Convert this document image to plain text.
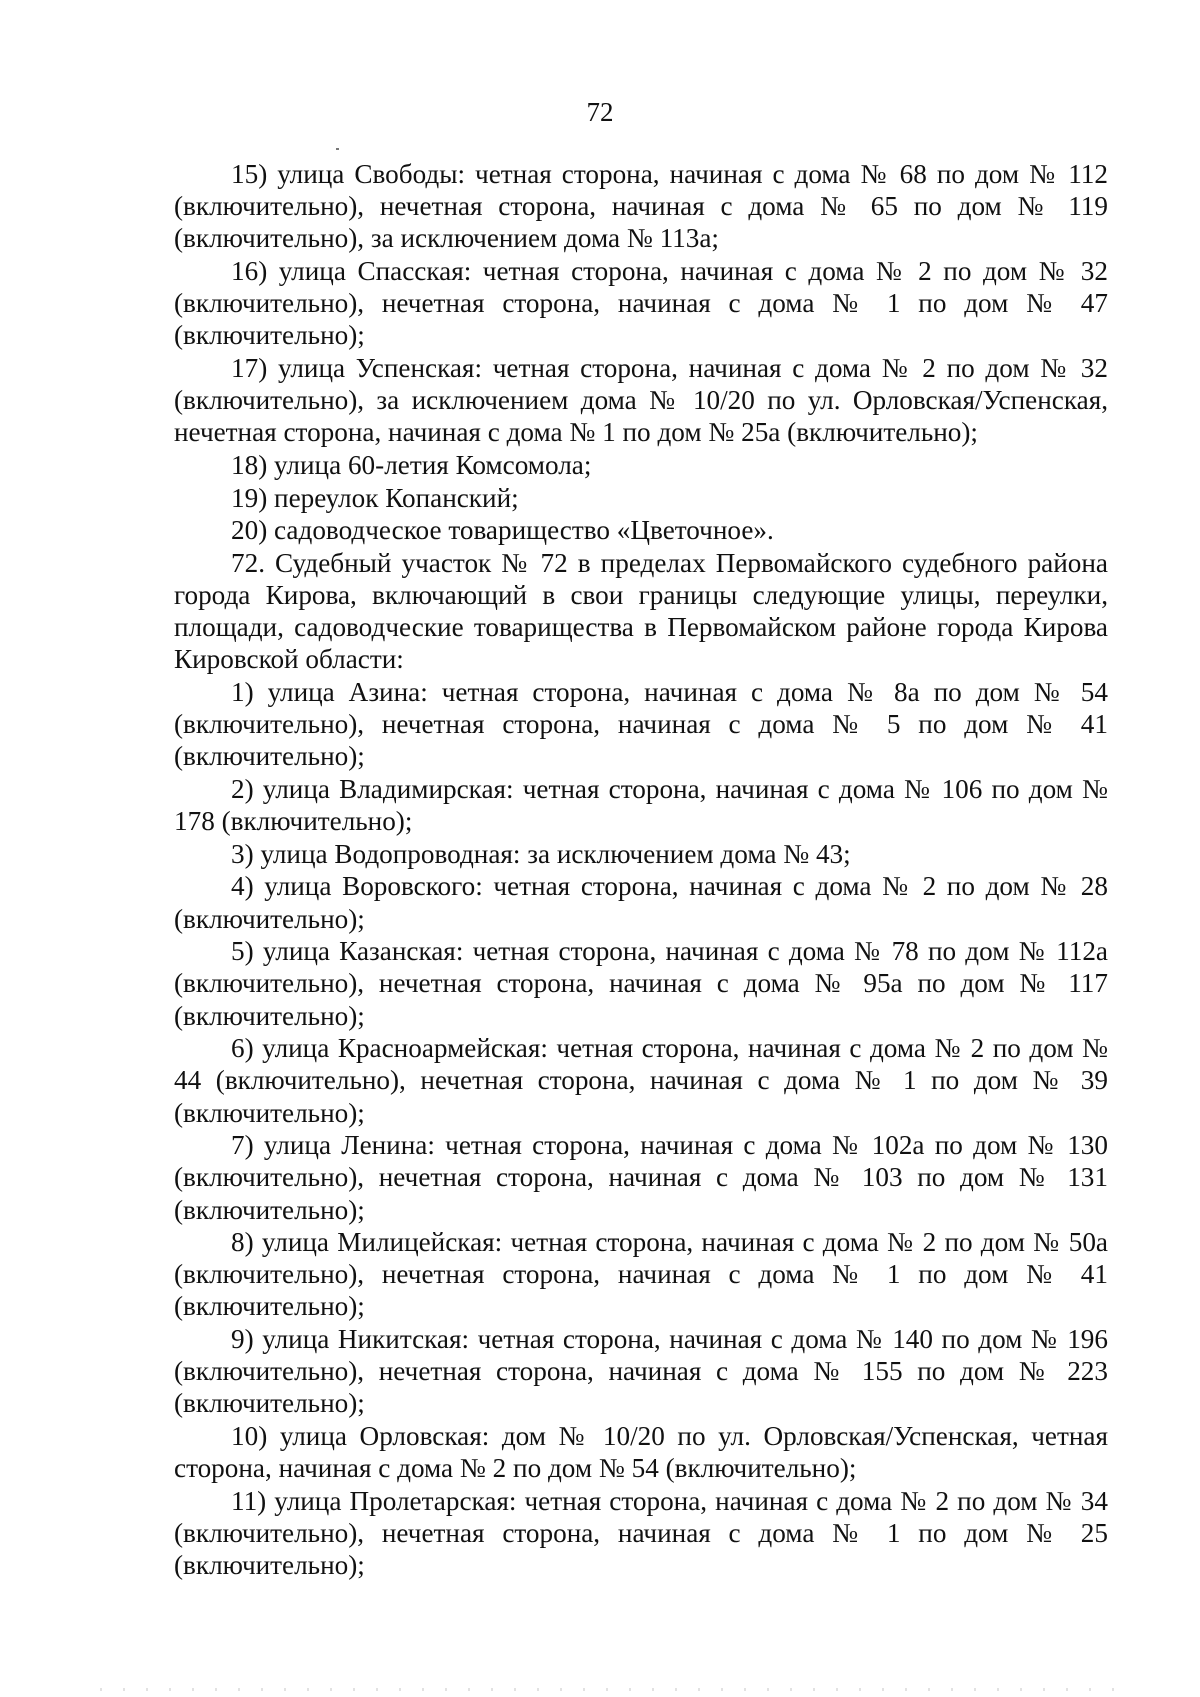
72

15) улица Свободы: четная сторона, начиная с дома № 68 по дом № 112 (включительно), нечетная сторона, начиная с дома № 65 по дом № 119 (включительно), за исключением дома № 113а;

16) улица Спасская: четная сторона, начиная с дома № 2 по дом № 32 (включительно), нечетная сторона, начиная с дома № 1 по дом № 47 (включительно);

17) улица Успенская: четная сторона, начиная с дома № 2 по дом № 32 (включительно), за исключением дома № 10/20 по ул. Орловская/Успенская, нечетная сторона, начиная с дома № 1 по дом № 25а (включительно);

18) улица 60-летия Комсомола;

19) переулок Копанский;

20) садоводческое товарищество «Цветочное».

72. Судебный участок № 72 в пределах Первомайского судебного района города Кирова, включающий в свои границы следующие улицы, переулки, площади, садоводческие товарищества в Первомайском районе города Кирова Кировской области:

1) улица Азина: четная сторона, начиная с дома № 8а по дом № 54 (включительно), нечетная сторона, начиная с дома № 5 по дом № 41 (включительно);

2) улица Владимирская: четная сторона, начиная с дома № 106 по дом № 178 (включительно);

3) улица Водопроводная: за исключением дома № 43;

4) улица Воровского: четная сторона, начиная с дома № 2 по дом № 28 (включительно);

5) улица Казанская: четная сторона, начиная с дома № 78 по дом № 112а (включительно), нечетная сторона, начиная с дома № 95а по дом № 117 (включительно);

6) улица Красноармейская: четная сторона, начиная с дома № 2 по дом № 44 (включительно), нечетная сторона, начиная с дома № 1 по дом № 39 (включительно);

7) улица Ленина: четная сторона, начиная с дома № 102а по дом № 130 (включительно), нечетная сторона, начиная с дома № 103 по дом № 131 (включительно);

8) улица Милицейская: четная сторона, начиная с дома № 2 по дом № 50а (включительно), нечетная сторона, начиная с дома № 1 по дом № 41 (включительно);

9) улица Никитская: четная сторона, начиная с дома № 140 по дом № 196 (включительно), нечетная сторона, начиная с дома № 155 по дом № 223 (включительно);

10) улица Орловская: дом № 10/20 по ул. Орловская/Успенская, четная сторона, начиная с дома № 2 по дом № 54 (включительно);

11) улица Пролетарская: четная сторона, начиная с дома № 2 по дом № 34 (включительно), нечетная сторона, начиная с дома № 1 по дом № 25 (включительно);
